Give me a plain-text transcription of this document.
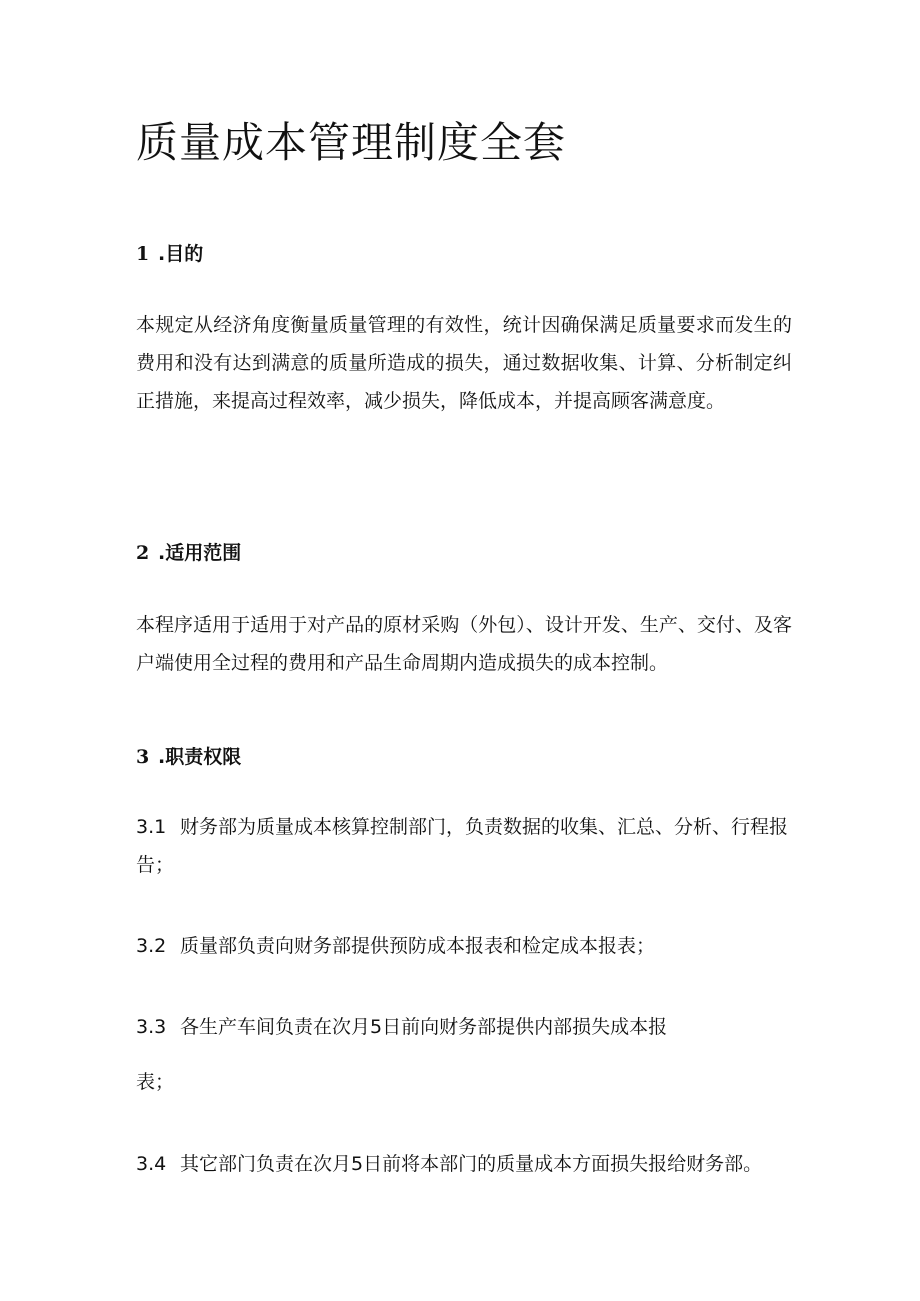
质量成本管理制度全套
1 .目的

本规定从经济角度衡量质量管理的有效性，统计因确保满足质量要求而发生的费用和没有达到满意的质量所造成的损失，通过数据收集、计算、分析制定纠正措施，来提高过程效率，减少损失，降低成本，并提高顾客满意度。

2 .适用范围

本程序适用于适用于对产品的原材采购（外包）、设计开发、生产、交付、及客户端使用全过程的费用和产品生命周期内造成损失的成本控制。

3 .职责权限

3.1 财务部为质量成本核算控制部门，负责数据的收集、汇总、分析、行程报告；

3.2 质量部负责向财务部提供预防成本报表和检定成本报表；

3.3 各生产车间负责在次月5日前向财务部提供内部损失成本报

表；

3.4 其它部门负责在次月5日前将本部门的质量成本方面损失报给财务部。
